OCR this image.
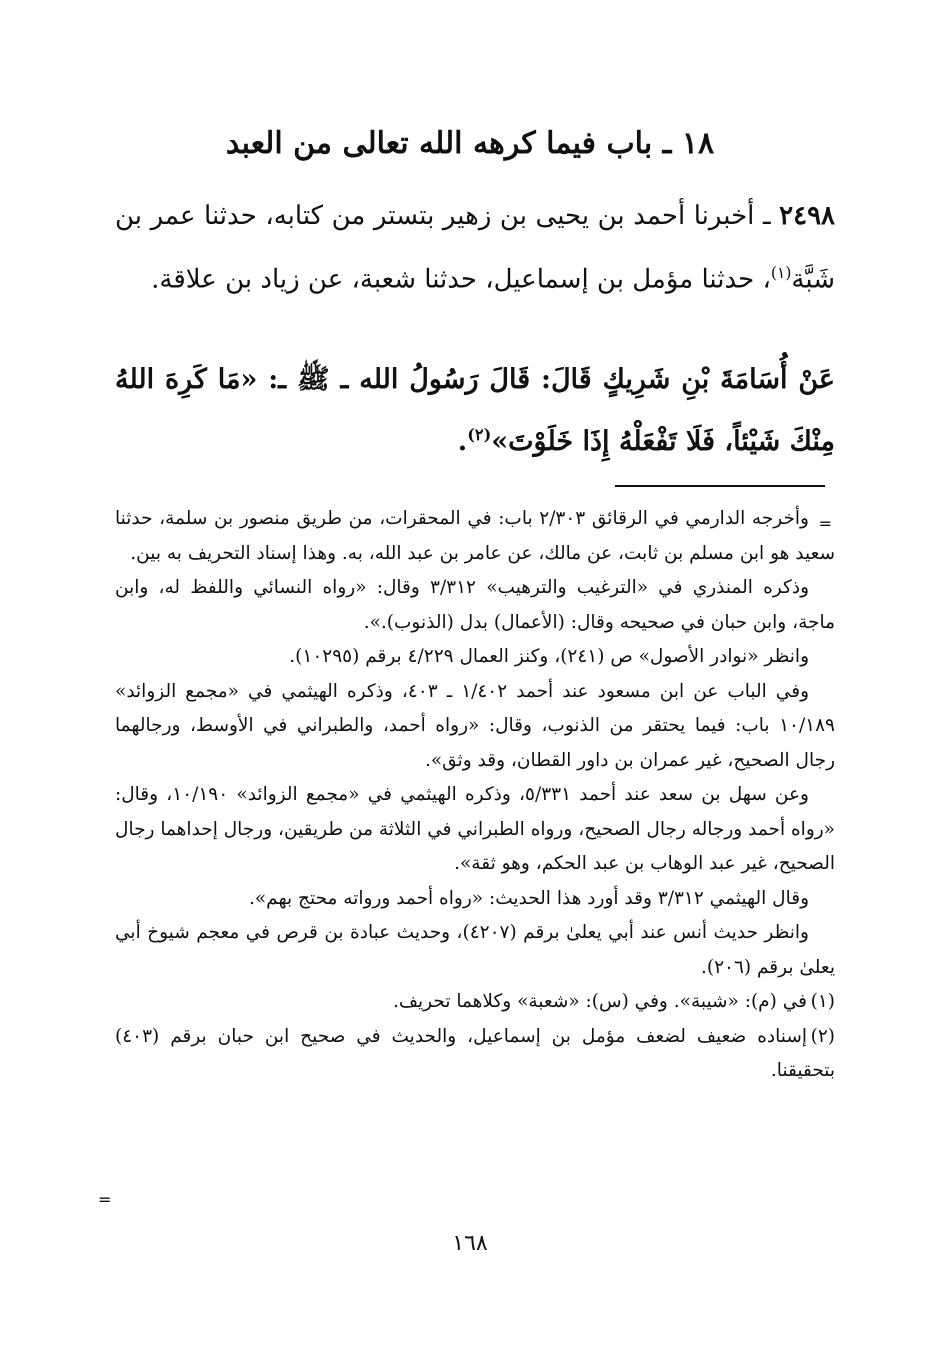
١٨ ـ باب فيما كرهه الله تعالى من العبد
٢٤٩٨ ـ أخبرنا أحمد بن يحيى بن زهير بتستر من كتابه، حدثنا عمر بن شَبَّة$^{(١)}$، حدثنا مؤمل بن إسماعيل، حدثنا شعبة، عن زياد بن علاقة.
عَنْ أُسَامَةَ بْنِ شَرِيكٍ قَالَ: قَالَ رَسُولُ الله ـ ﷺ ـ: «مَا كَرِهَ اللهُ مِنْكَ شَيْئاً، فَلَا تَفْعَلْهُ إِذَا خَلَوْتَ»$^{(٢)}$.
=

وأخرجه الدارمي في الرقائق ٢/٣٠٣ باب: في المحقرات، من طريق منصور بن سلمة، حدثنا سعيد هو ابن مسلم بن ثابت، عن مالك، عن عامر بن عبد الله، به. وهذا إسناد التحريف به بين.

وذكره المنذري في «الترغيب والترهيب» ٣/٣١٢ وقال: «رواه النسائي واللفظ له، وابن ماجة، وابن حبان في صحيحه وقال: (الأعمال) بدل (الذنوب).».

وانظر «نوادر الأصول» ص (٢٤١)، وكنز العمال ٤/٢٢٩ برقم (١٠٢٩٥).

وفي الباب عن ابن مسعود عند أحمد ١/٤٠٢ ـ ٤٠٣، وذكره الهيثمي في «مجمع الزوائد» ١٠/١٨٩ باب: فيما يحتقر من الذنوب، وقال: «رواه أحمد، والطبراني في الأوسط، ورجالهما رجال الصحيح، غير عمران بن داور القطان، وقد وثق».

وعن سهل بن سعد عند أحمد ٥/٣٣١، وذكره الهيثمي في «مجمع الزوائد» ١٠/١٩٠، وقال: «رواه أحمد ورجاله رجال الصحيح، ورواه الطبراني في الثلاثة من طريقين، ورجال إحداهما رجال الصحيح، غير عبد الوهاب بن عبد الحكم، وهو ثقة».

وقال الهيثمي ٣/٣١٢ وقد أورد هذا الحديث: «رواه أحمد ورواته محتج بهم».

وانظر حديث أنس عند أبي يعلىٰ برقم (٤٢٠٧)، وحديث عبادة بن قرص في معجم شيوخ أبي يعلىٰ برقم (٢٠٦).

(١)في (م): «شيبة». وفي (س): «شعبة» وكلاهما تحريف.

(٢)إسناده ضعيف لضعف مؤمل بن إسماعيل، والحديث في صحيح ابن حبان برقم (٤٠٣) بتحقيقنا.

=
١٦٨
